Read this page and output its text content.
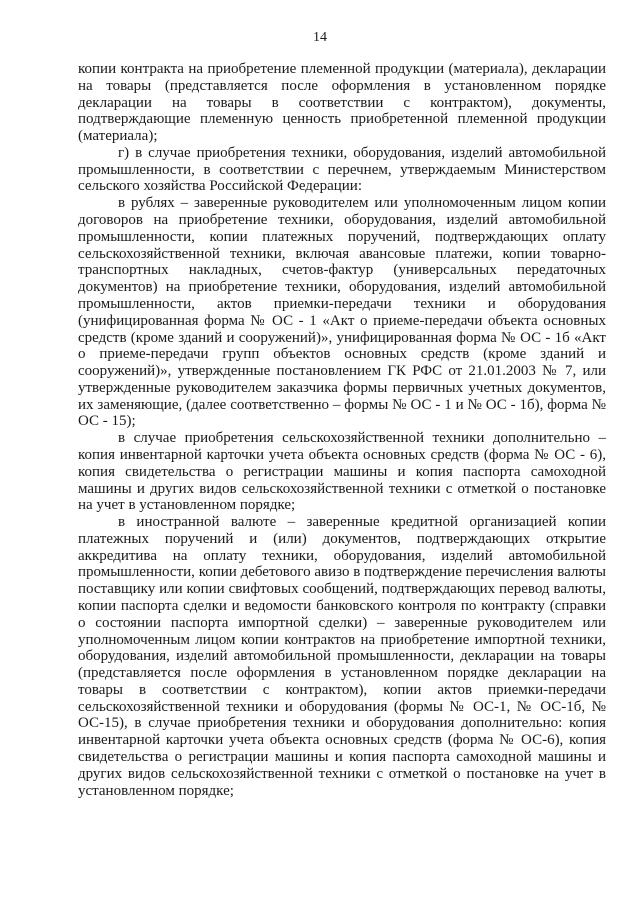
14

копии контракта на приобретение племенной продукции (материала), декларации на товары (представляется после оформления в установленном порядке декларации на товары в соответствии с контрактом), документы, подтверждающие племенную ценность приобретенной племенной продукции (материала);

г) в случае приобретения техники, оборудования, изделий автомобильной промышленности, в соответствии с перечнем, утверждаемым Министерством сельского хозяйства Российской Федерации:

в рублях – заверенные руководителем или уполномоченным лицом копии договоров на приобретение техники, оборудования, изделий автомобильной промышленности, копии платежных поручений, подтверждающих оплату сельскохозяйственной техники, включая авансовые платежи, копии товарно-транспортных накладных, счетов-фактур (универсальных передаточных документов) на приобретение техники, оборудования, изделий автомобильной промышленности, актов приемки-передачи техники и оборудования (унифицированная форма № ОС - 1 «Акт о приеме-передачи объекта основных средств (кроме зданий и сооружений)», унифицированная форма № ОС - 1б «Акт о приеме-передачи групп объектов основных средств (кроме зданий и сооружений)», утвержденные постановлением ГК РФС от 21.01.2003 № 7, или утвержденные руководителем заказчика формы первичных учетных документов, их заменяющие, (далее соответственно – формы № ОС - 1 и № ОС - 1б), форма № ОС - 15);

в случае приобретения сельскохозяйственной техники дополнительно – копия инвентарной карточки учета объекта основных средств (форма № ОС - 6), копия свидетельства о регистрации машины и копия паспорта самоходной машины и других видов сельскохозяйственной техники с отметкой о постановке на учет в установленном порядке;

в иностранной валюте – заверенные кредитной организацией копии платежных поручений и (или) документов, подтверждающих открытие аккредитива на оплату техники, оборудования, изделий автомобильной промышленности, копии дебетового авизо в подтверждение перечисления валюты поставщику или копии свифтовых сообщений, подтверждающих перевод валюты, копии паспорта сделки и ведомости банковского контроля по контракту (справки о состоянии паспорта импортной сделки) – заверенные руководителем или уполномоченным лицом копии контрактов на приобретение импортной техники, оборудования, изделий автомобильной промышленности, декларации на товары (представляется после оформления в установленном порядке декларации на товары в соответствии с контрактом), копии актов приемки-передачи сельскохозяйственной техники и оборудования (формы № ОС-1, № ОС-1б, № ОС-15), в случае приобретения техники и оборудования дополнительно: копия инвентарной карточки учета объекта основных средств (форма № ОС-6), копия свидетельства о регистрации машины и копия паспорта самоходной машины и других видов сельскохозяйственной техники с отметкой о постановке на учет в установленном порядке;
